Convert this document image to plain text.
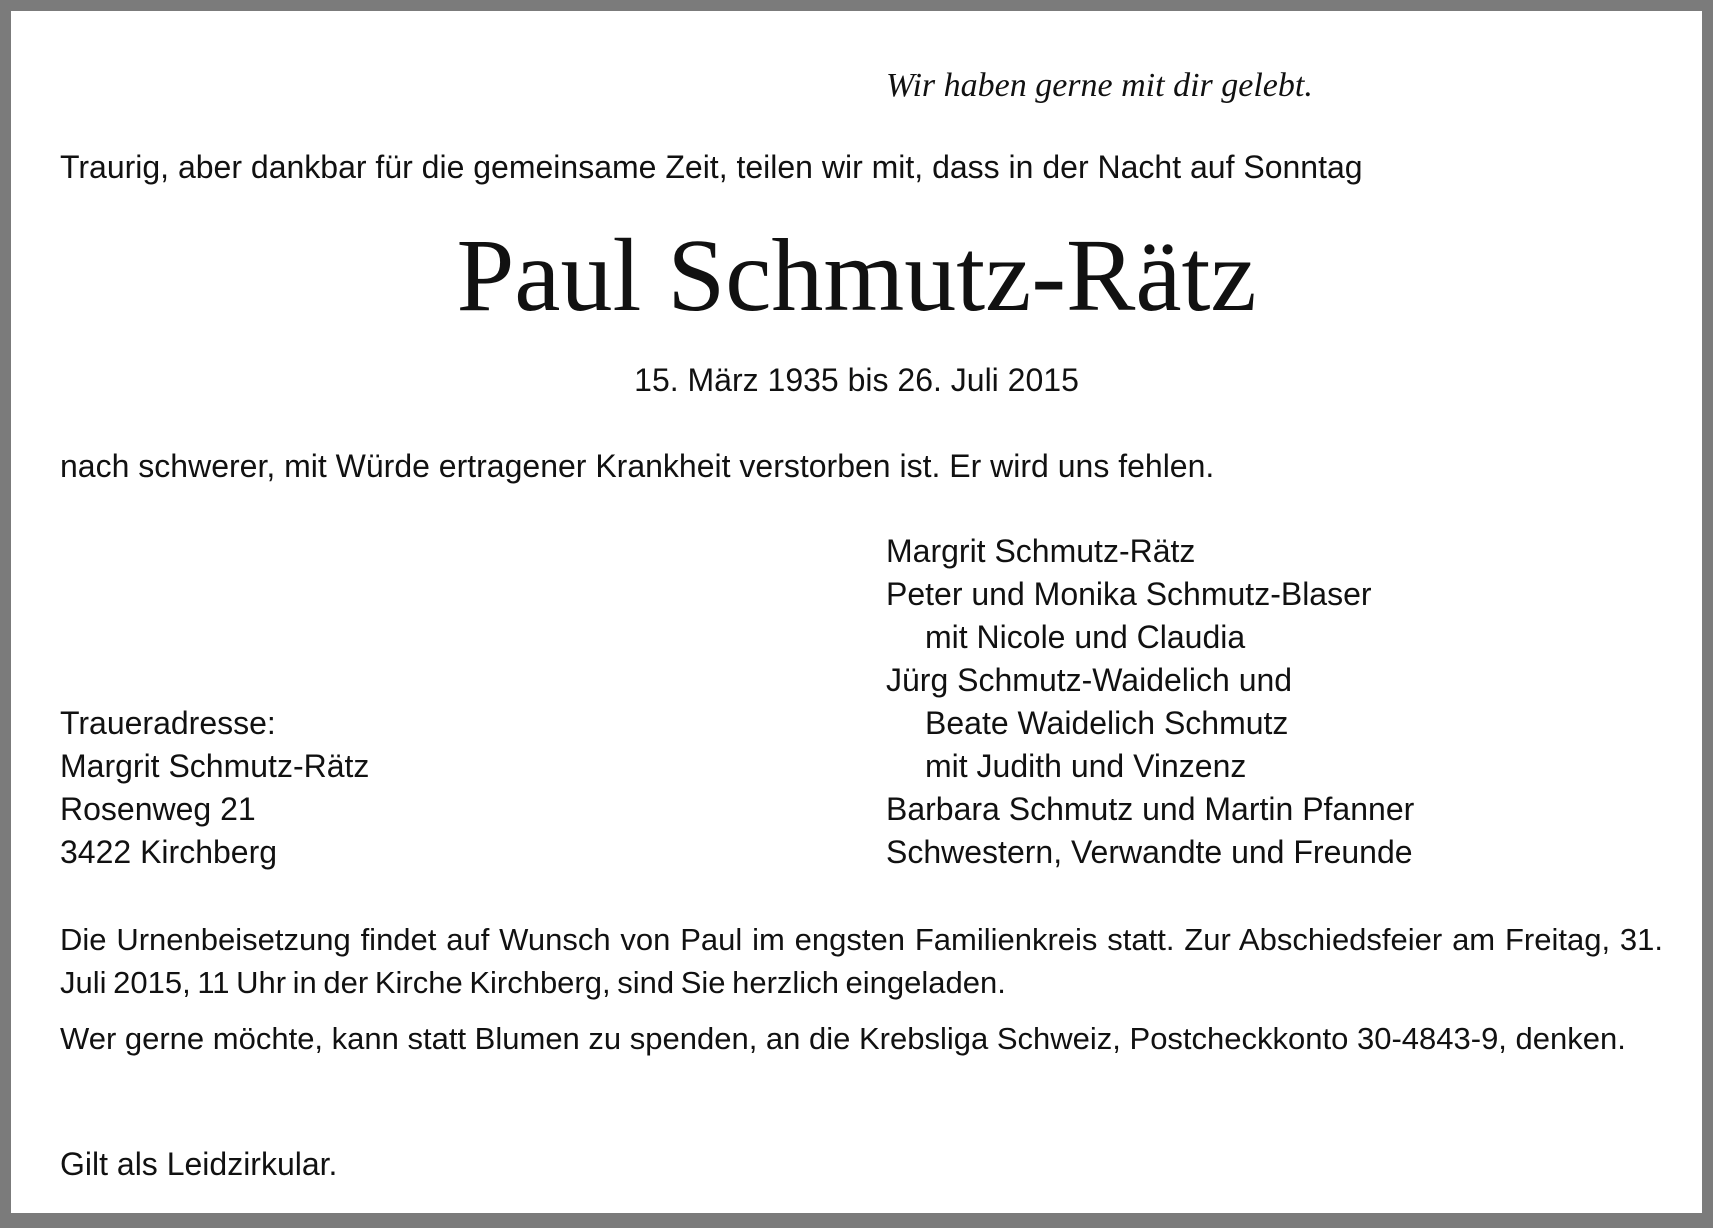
Wir haben gerne mit dir gelebt.

Traurig, aber dankbar für die gemeinsame Zeit, teilen wir mit, dass in der Nacht auf Sonntag

Paul Schmutz-Rätz

15. März 1935 bis 26. Juli 2015

nach schwerer, mit Würde ertragener Krankheit verstorben ist. Er wird uns fehlen.

Margrit Schmutz-Rätz
Peter und Monika Schmutz-Blaser
mit Nicole und Claudia
Jürg Schmutz-Waidelich und
Beate Waidelich Schmutz
mit Judith und Vinzenz
Barbara Schmutz und Martin Pfanner
Schwestern, Verwandte und Freunde
Traueradresse:
Margrit Schmutz-Rätz
Rosenweg 21
3422 Kirchberg

Die Urnenbeisetzung findet auf Wunsch von Paul im engsten Familienkreis statt. Zur Abschiedsfeier am Freitag, 31. Juli 2015, 11 Uhr in der Kirche Kirchberg, sind Sie herzlich eingeladen.

Wer gerne möchte, kann statt Blumen zu spenden, an die Krebsliga Schweiz, Postcheckkonto 30-4843-9, denken.

Gilt als Leidzirkular.
